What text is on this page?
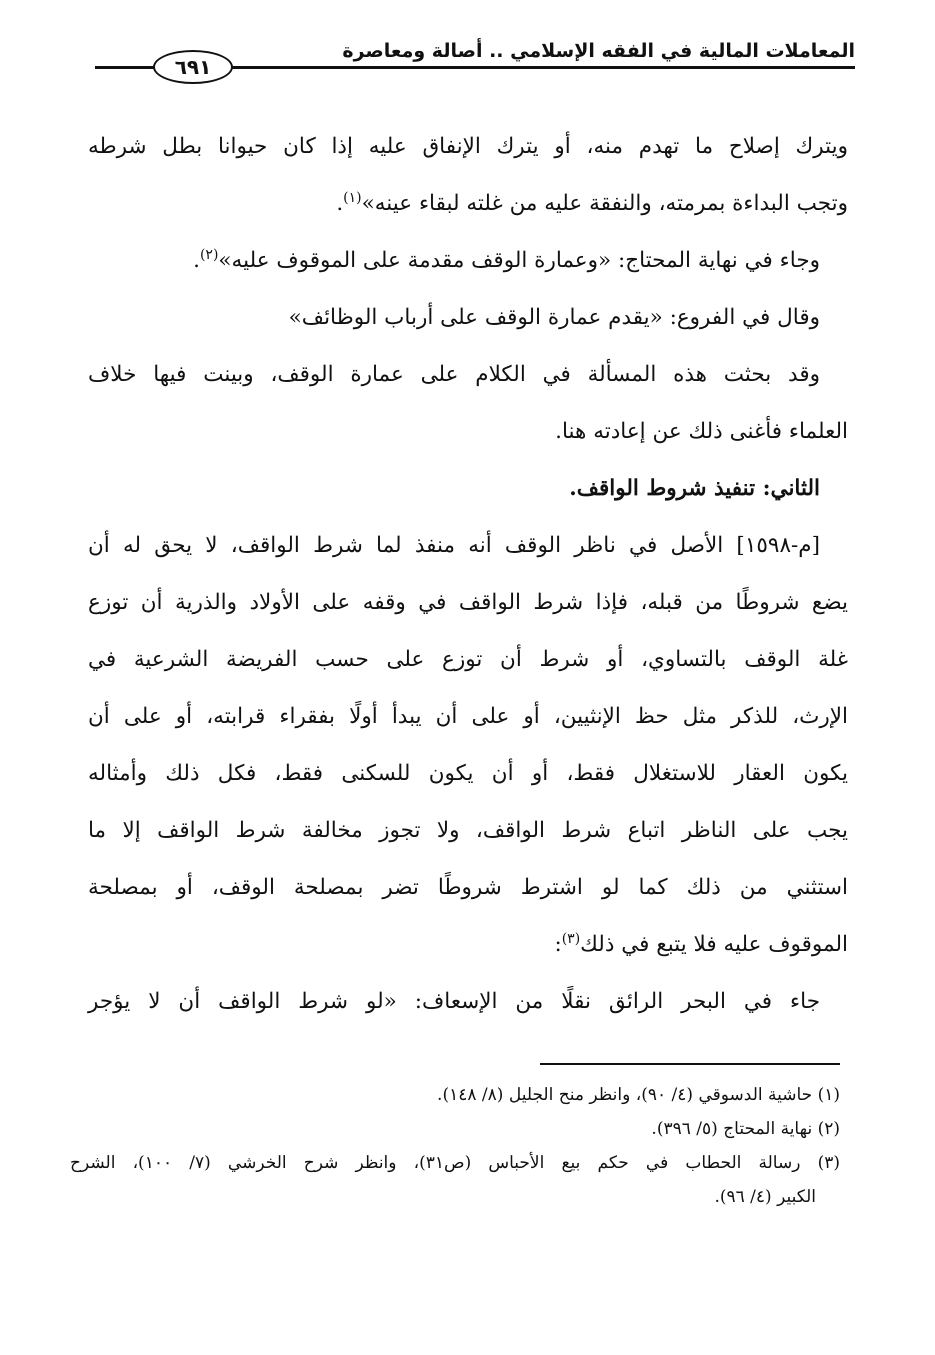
المعاملات المالية في الفقه الإسلامي .. أصالة ومعاصرة
٦٩١

ويترك إصلاح ما تهدم منه، أو يترك الإنفاق عليه إذا كان حيوانا بطل شرطه
وتجب البداءة بمرمته، والنفقة عليه من غلته لبقاء عينه»$^{(١)}$.

وجاء في نهاية المحتاج: «وعمارة الوقف مقدمة على الموقوف عليه»$^{(٢)}$.

وقال في الفروع: «يقدم عمارة الوقف على أرباب الوظائف»

وقد بحثت هذه المسألة في الكلام على عمارة الوقف، وبينت فيها خلاف
العلماء فأغنى ذلك عن إعادته هنا.

الثاني: تنفيذ شروط الواقف.

[م-١٥٩٨] الأصل في ناظر الوقف أنه منفذ لما شرط الواقف، لا يحق له أن
يضع شروطًا من قبله، فإذا شرط الواقف في وقفه على الأولاد والذرية أن توزع
غلة الوقف بالتساوي، أو شرط أن توزع على حسب الفريضة الشرعية في
الإرث، للذكر مثل حظ الإنثيين، أو على أن يبدأ أولًا بفقراء قرابته، أو على أن
يكون العقار للاستغلال فقط، أو أن يكون للسكنى فقط، فكل ذلك وأمثاله
يجب على الناظر اتباع شرط الواقف، ولا تجوز مخالفة شرط الواقف إلا ما
استثني من ذلك كما لو اشترط شروطًا تضر بمصلحة الوقف، أو بمصلحة
الموقوف عليه فلا يتبع في ذلك$^{(٣)}$:

جاء في البحر الرائق نقلًا من الإسعاف: «لو شرط الواقف أن لا يؤجر

(١) حاشية الدسوقي (٤/ ٩٠)، وانظر منح الجليل (٨/ ١٤٨).
(٢) نهاية المحتاج (٥/ ٣٩٦).
(٣) رسالة الحطاب في حكم بيع الأحباس (ص٣١)، وانظر شرح الخرشي (٧/ ١٠٠)، الشرح
الكبير (٤/ ٩٦).
